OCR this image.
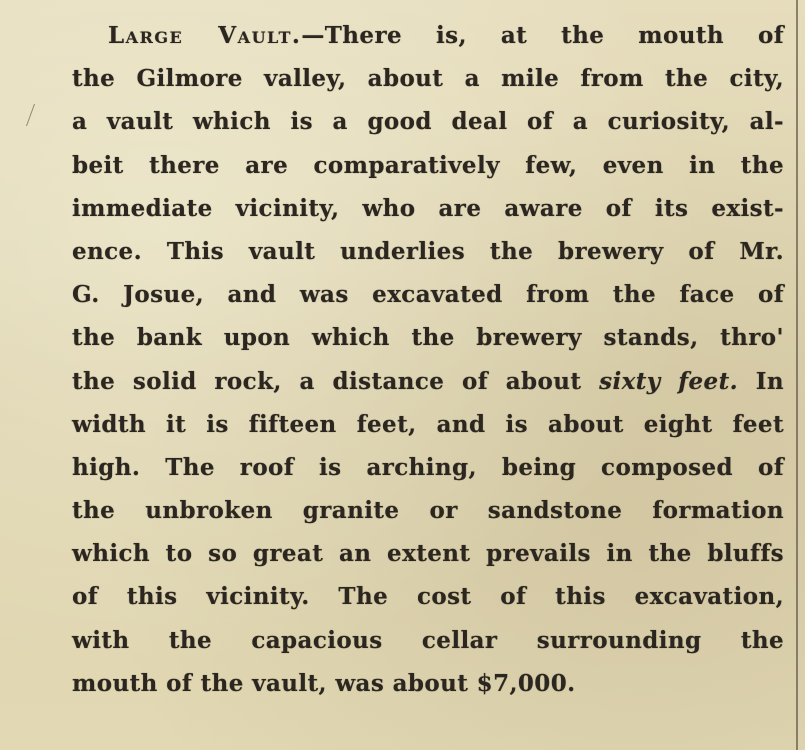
Large Vault.—There is, at the mouth of
the Gilmore valley, about a mile from the city,
a vault which is a good deal of a curiosity, al-
beit there are comparatively few, even in the
immediate vicinity, who are aware of its exist-
ence. This vault underlies the brewery of Mr.
G. Josue, and was excavated from the face of
the bank upon which the brewery stands, thro'
the solid rock, a distance of about sixty feet. In
width it is fifteen feet, and is about eight feet
high. The roof is arching, being composed of
the unbroken granite or sandstone formation
which to so great an extent prevails in the bluffs
of this vicinity. The cost of this excavation,
with the capacious cellar surrounding the
mouth of the vault, was about $7,000.
